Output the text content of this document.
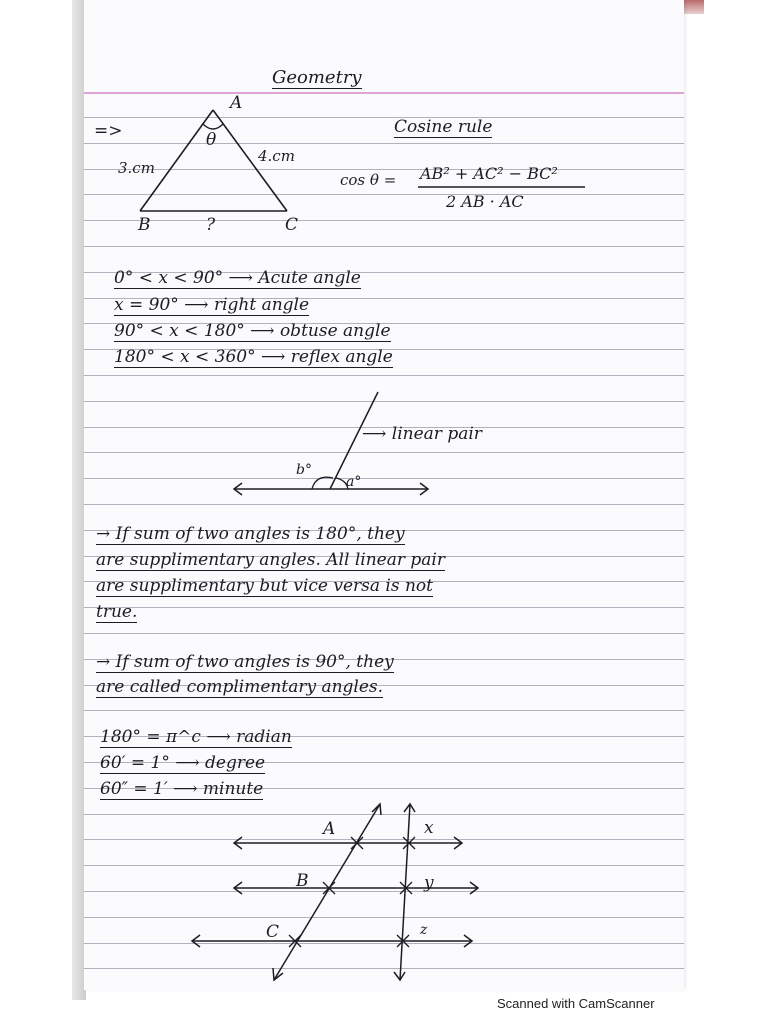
Geometry
=>
A
θ
3.cm
4.cm
B	?	C
Cosine rule
cos θ = AB² + AC² − BC²
2 AB · AC
0° < x < 90° ⟶ Acute angle
x = 90° ⟶ right angle
90° < x < 180° ⟶ obtuse angle
180° < x < 360° ⟶ reflex angle
⟶ linear pair
b°
a°
→ If sum of two angles is 180°, they
are supplimentary angles. All linear pair
are supplimentary but vice versa is not
true.
→ If sum of two angles is 90°, they
are called complimentary angles.
180° = π^c ⟶ radian
60′ = 1° ⟶ degree
60″ = 1′ ⟶ minute
A	x
B	y
C	z
Scanned with CamScanner
